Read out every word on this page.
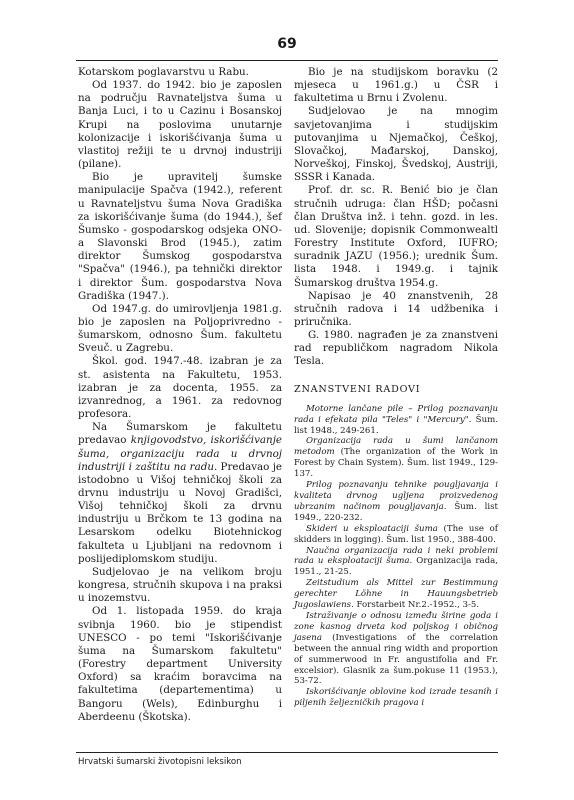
69

Kotarskom poglavarstvu u Rabu.

Od 1937. do 1942. bio je zaposlen na području Ravnateljstva šuma u Banja Luci, i to u Cazinu i Bosanskoj Krupi na poslovima unutarnje kolonizacije i iskorišćivanja šuma u vlastitoj režiji te u drvnoj industriji (pilane).

Bio je upravitelj šumske manipulacije Spačva (1942.), referent u Ravnateljstvu šuma Nova Gradiška za iskorišćivanje šuma (do 1944.), šef Šumsko - gospodarskog odsjeka ONO-a Slavonski Brod (1945.), zatim direktor Šumskog gospodarstva "Spačva" (1946.), pa tehnički direktor i direktor Šum. gospodarstva Nova Gradiška (1947.).

Od 1947.g. do umirovljenja 1981.g. bio je zaposlen na Poljoprivredno - šumarskom, odnosno Šum. fakultetu Sveuč. u Zagrebu.

Škol. god. 1947.-48. izabran je za st. asistenta na Fakultetu, 1953. izabran je za docenta, 1955. za izvanrednog, a 1961. za redovnog profesora.

Na Šumarskom je fakultetu predavao knjigovodstvo, iskorišćivanje šuma, organizaciju rada u drvnoj industriji i zaštitu na radu. Predavao je istodobno u Višoj tehničkoj školi za drvnu industriju u Novoj Gradišci, Višoj tehničkoj školi za drvnu industriju u Brčkom te 13 godina na Lesarskom odelku Biotehnickog fakulteta u Ljubljani na redovnom i poslijediplomskom studiju.

Sudjelovao je na velikom broju kongresa, stručnih skupova i na praksi u inozemstvu.

Od 1. listopada 1959. do kraja svibnja 1960. bio je stipendist UNESCO - po temi "Iskorišćivanje šuma na Šumarskom fakultetu" (Forestry department University Oxford) sa kraćim boravcima na fakultetima (departementima) u Bangoru (Wels), Edinburghu i Aberdeenu (Škotska).

Bio je na studijskom boravku (2 mjeseca u 1961.g.) u ČSR i fakultetima u Brnu i Zvolenu.

Sudjelovao je na mnogim savjetovanjima i studijskim putovanjima u Njemačkoj, Češkoj, Slovačkoj, Mađarskoj, Danskoj, Norveškoj, Finskoj, Švedskoj, Austriji, SSSR i Kanada.

Prof. dr. sc. R. Benić bio je član stručnih udruga: član HŠD; počasni član Društva inž. i tehn. gozd. in les. ud. Slovenije; dopisnik Commonwealtl Forestry Institute Oxford, IUFRO; suradnik JAZU (1956.); urednik Šum. lista 1948. i 1949.g. i tajnik Šumarskog društva 1954.g.

Napisao je 40 znanstvenih, 28 stručnih radova i 14 udžbenika i priručnika.

G. 1980. nagrađen je za znanstveni rad republičkom nagradom Nikola Tesla.

ZNANSTVENI RADOVI

Motorne lančane pile – Prilog poznavanju rada i efekata pila "Teles" i "Mercury". Šum. list 1948., 249-261.

Organizacija rada u šumi lančanom metodom (The organization of the Work in Forest by Chain System). Šum. list 1949., 129-137.

Prilog poznavanju tehnike pougljavanja i kvaliteta drvnog uglјena proizvedenog ubrzanim načinom pougljavanja. Šum. list 1949., 220-232.

Skideri u eksploataciji šuma (The use of skidders in logging). Šum. list 1950., 388-400.

Naučna organizacija rada i neki problemi rada u eksploataciji šuma. Organizacija rada, 1951., 21-25.

Zeitstudium als Mittel zur Bestimmung gerechter Löhne in Hauungsbetrieb Jugoslawiens. Forstarbeit Nr.2.-1952., 3-5.

Istraživanje o odnosu između širine goda i zone kasnog drveta kod poljskog i običnog jasena (Investigations of the correlation between the annual ring width and proportion of summerwood in Fr. angustifolia and Fr. excelsior). Glasnik za šum.pokuse 11 (1953.), 53-72.

Iskorišćivanje oblovine kod izrade tesanih i piljenih željezničkih pragova i

Hrvatski šumarski životopisni leksikon
